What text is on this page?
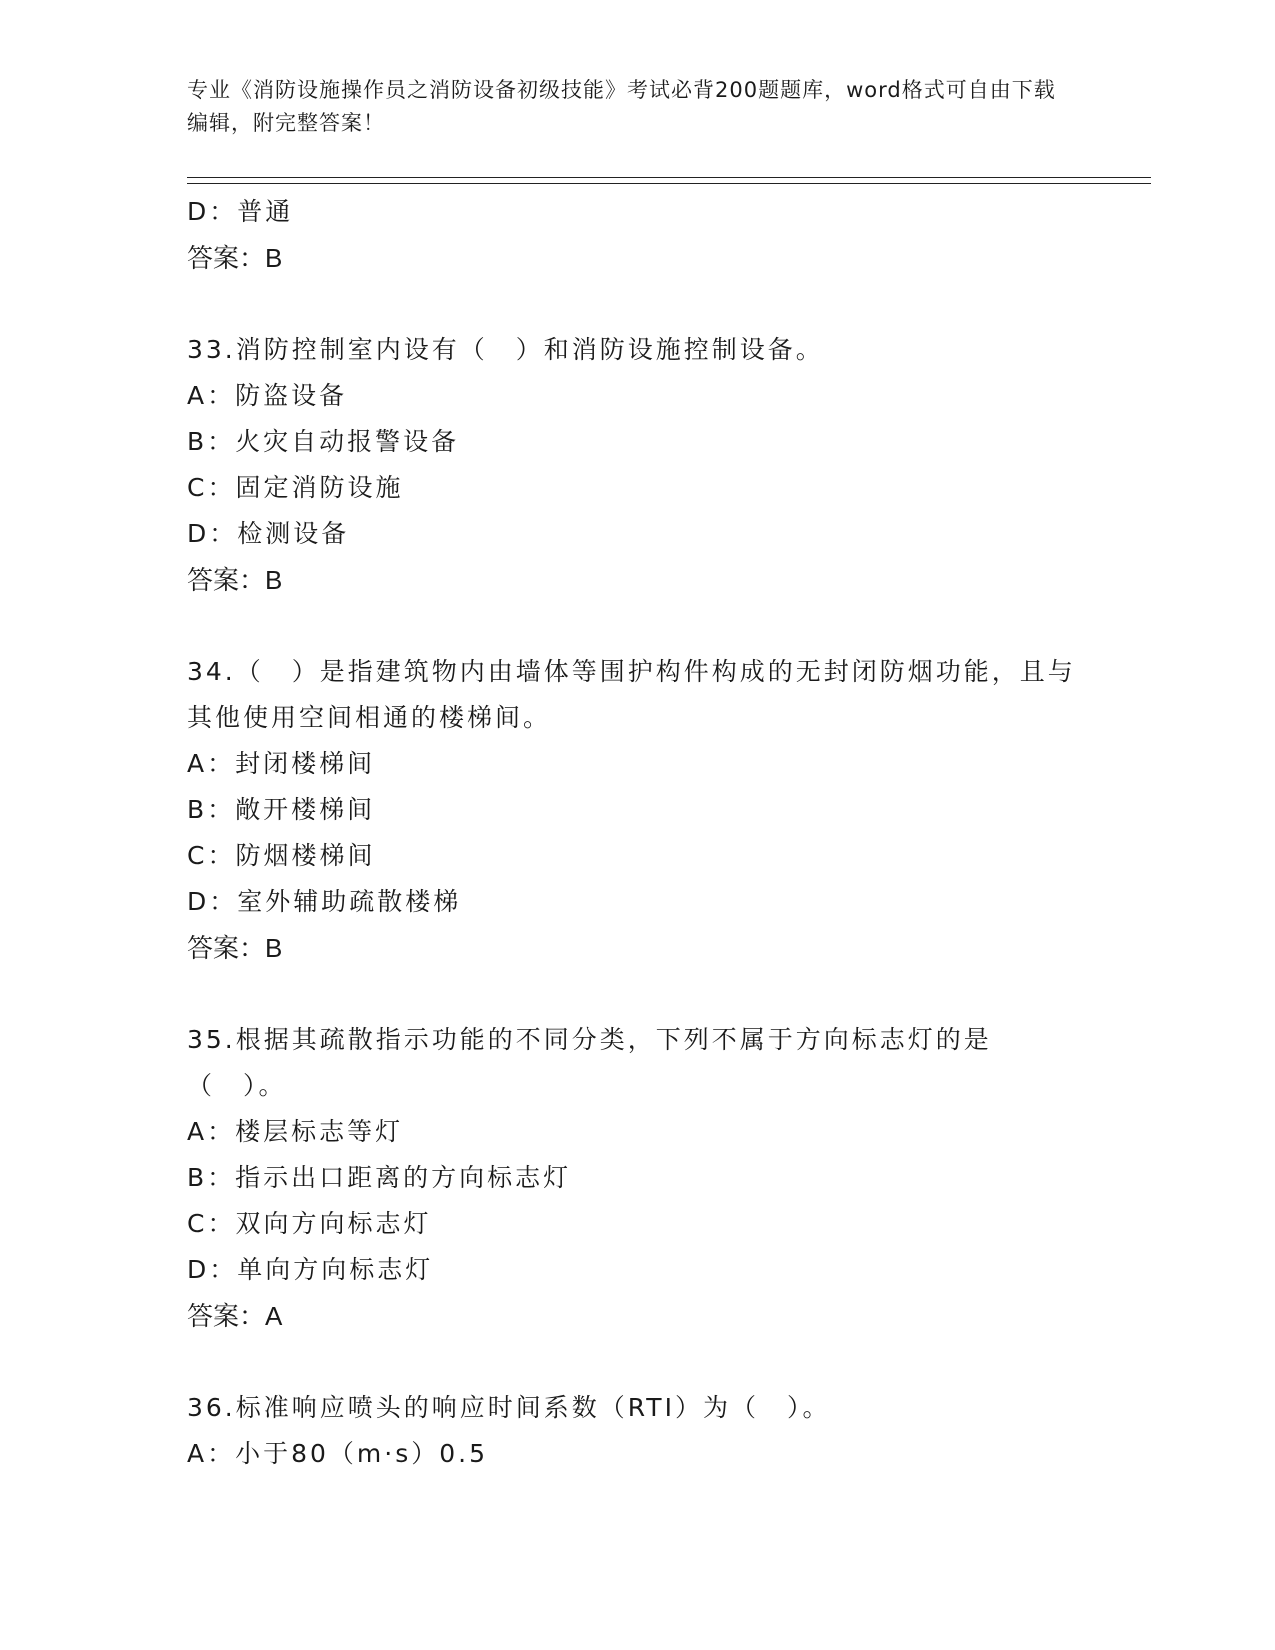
专业《消防设施操作员之消防设备初级技能》考试必背200题题库，word格式可自由下载编辑，附完整答案！
D：普通
答案：B
33.消防控制室内设有（　）和消防设施控制设备。
A：防盗设备
B：火灾自动报警设备
C：固定消防设施
D：检测设备
答案：B
34.（　）是指建筑物内由墙体等围护构件构成的无封闭防烟功能，且与其他使用空间相通的楼梯间。
A：封闭楼梯间
B：敞开楼梯间
C：防烟楼梯间
D：室外辅助疏散楼梯
答案：B
35.根据其疏散指示功能的不同分类，下列不属于方向标志灯的是（　）。
A：楼层标志等灯
B：指示出口距离的方向标志灯
C：双向方向标志灯
D：单向方向标志灯
答案：A
36.标准响应喷头的响应时间系数（RTI）为（　）。
A：小于80（m·s）0.5
